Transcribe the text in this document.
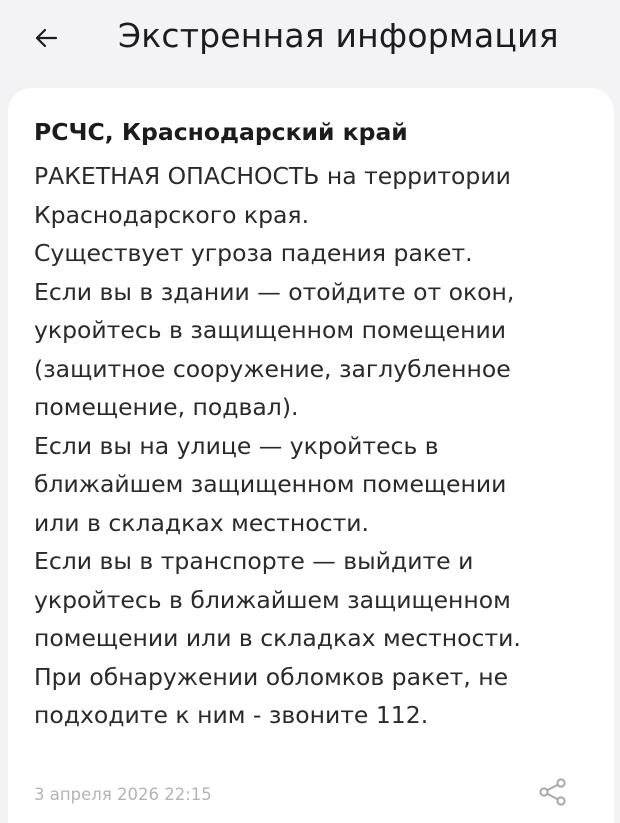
Экстренная информация
РСЧС, Краснодарский край
РАКЕТНАЯ ОПАСНОСТЬ на территории
Краснодарского края.
Существует угроза падения ракет.
Если вы в здании — отойдите от окон,
укройтесь в защищенном помещении
(защитное сооружение, заглубленное
помещение, подвал).
Если вы на улице — укройтесь в
ближайшем защищенном помещении
или в складках местности.
Если вы в транспорте — выйдите и
укройтесь в ближайшем защищенном
помещении или в складках местности.
При обнаружении обломков ракет, не
подходите к ним - звоните 112.
3 апреля 2026 22:15
